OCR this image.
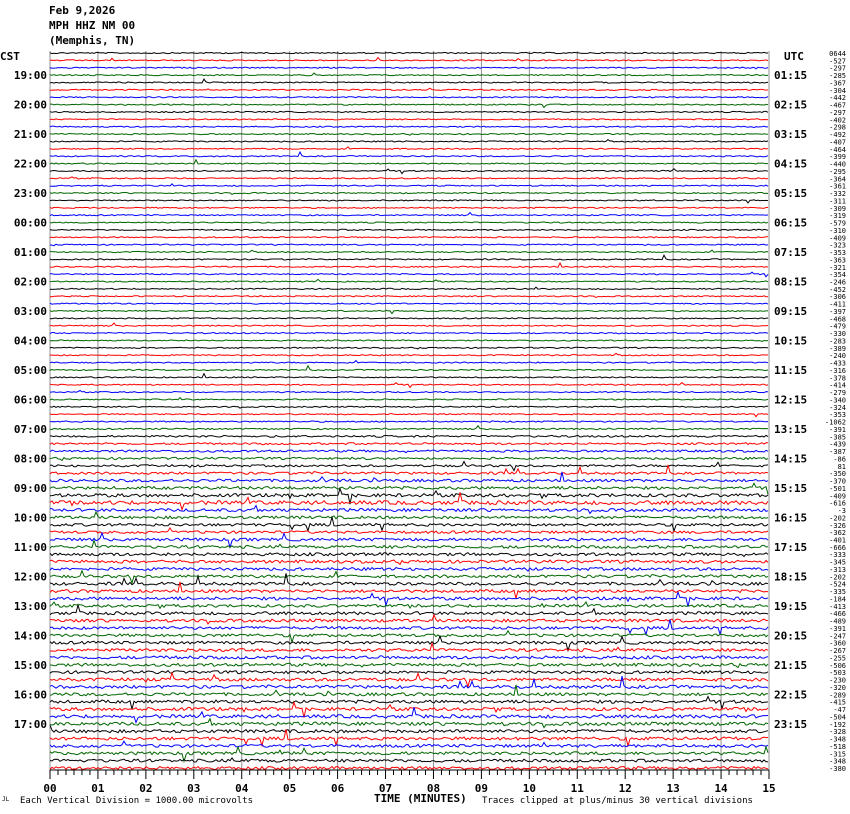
00	01	02	03	04	05	06	07	08	09	10	11	12	13	14	15
19:00	01:15
20:00	02:15
21:00	03:15
22:00	04:15
23:00	05:15
00:00	06:15
01:00	07:15
02:00	08:15
03:00	09:15
04:00	10:15
05:00	11:15
06:00	12:15
07:00	13:15
08:00	14:15
09:00	15:15
10:00	16:15
11:00	17:15
12:00	18:15
13:00	19:15
14:00	20:15
15:00	21:15
16:00	22:15
17:00	23:15
0644
-527
-297
-285
-367
-304
-442
-467
-297
-402
-298
-492
-407
-464
-399
-440
-295
-364
-361
-332
-311
-309
-319
-579
-310
-409
-323
-353
-363
-321
-354
-246
-452
-306
-411
-397
-468
-479
-330
-283
-389
-240
-433
-316
-378
-414
-279
-340
-324
-353
-1062
-391
-385
-439
-387
-86
81
-350
-370
-501
-409
-616
-3
-202
-326
-362
-401
-666
-333
-345
-313
-202
-524
-335
-184
-413
-466
-489
-391
-247
-360
-267
-255
-506
-503
-230
-320
-289
-415
-47
-504
-192
-328
-348
-518
-315
-348
-380
Feb 9,2026
MPH HHZ NM 00
(Memphis, TN)
CST	UTC
JL Each Vertical Division = 1000.00 microvolts	TIME (MINUTES) Traces clipped at plus/minus 30 vertical divisions
